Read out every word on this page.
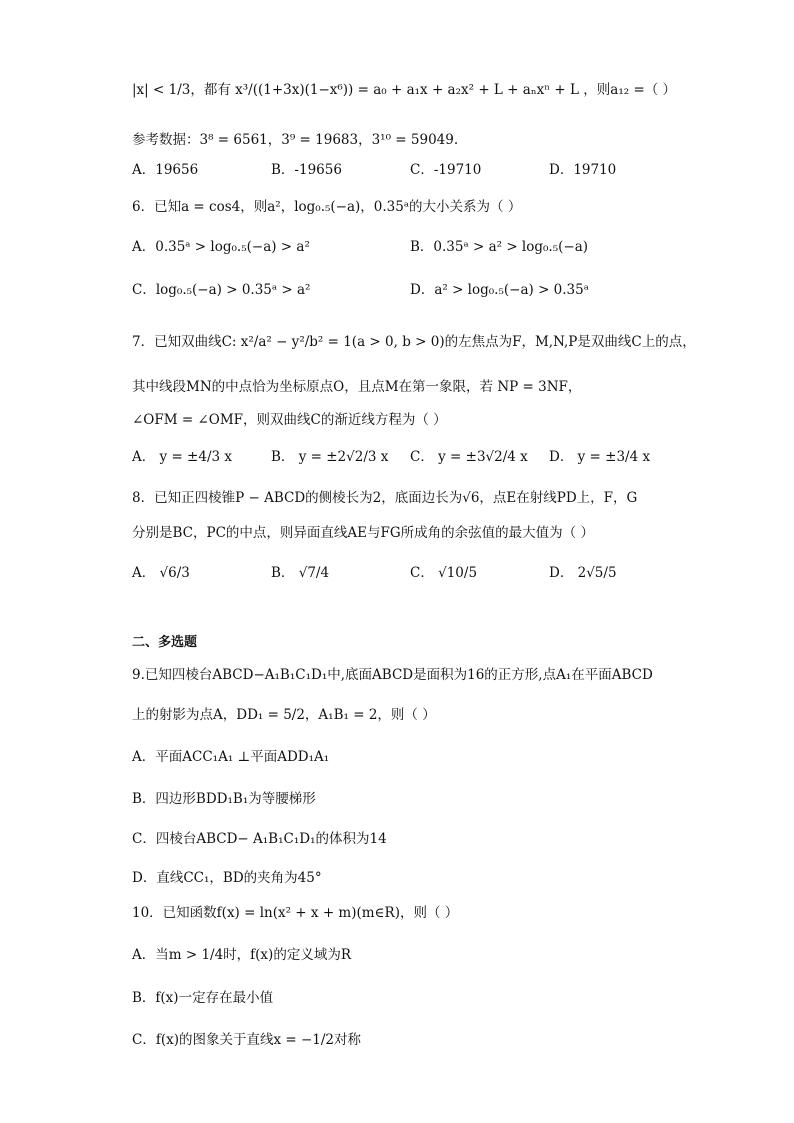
|x| < 1/3，都有 x³/((1+3x)(1−x⁶)) = a₀ + a₁x + a₂x² + L + aₙxⁿ + L ，则a₁₂ =（ ）
参考数据：3⁸ = 6561，3⁹ = 19683，3¹⁰ = 59049.
A．19656	B．-19656	C．-19710	D．19710
6．已知a = cos4，则a²，log₀.₅(−a)，0.35ᵃ的大小关系为（ ）
A．0.35ᵃ > log₀.₅(−a) > a²	B．0.35ᵃ > a² > log₀.₅(−a)
C．log₀.₅(−a) > 0.35ᵃ > a²	D．a² > log₀.₅(−a) > 0.35ᵃ
7．已知双曲线C: x²/a² − y²/b² = 1(a > 0, b > 0)的左焦点为F，M,N,P是双曲线C上的点，
其中线段MN的中点恰为坐标原点O，且点M在第一象限，若 NP = 3NF，
∠OFM = ∠OMF，则双曲线C的渐近线方程为（ ）
A． y = ±4/3 x	B． y = ±2√2/3 x C． y = ±3√2/4 x D． y = ±3/4 x
8．已知正四棱锥P − ABCD的侧棱长为2，底面边长为√6，点E在射线PD上，F，G
分别是BC，PC的中点，则异面直线AE与FG所成角的余弦值的最大值为（ ）
A． √6/3	B． √7/4	C． √10/5	D． 2√5/5
二、多选题
9.已知四棱台ABCD−A₁B₁C₁D₁中,底面ABCD是面积为16的正方形,点A₁在平面ABCD
上的射影为点A，DD₁ = 5/2，A₁B₁ = 2，则（ ）
A．平面ACC₁A₁ ⊥平面ADD₁A₁
B．四边形BDD₁B₁为等腰梯形
C．四棱台ABCD− A₁B₁C₁D₁的体积为14
D．直线CC₁，BD的夹角为45°
10．已知函数f(x) = ln(x² + x + m)(m∈R)，则（ ）
A．当m > 1/4时，f(x)的定义域为R
B．f(x)一定存在最小值
C．f(x)的图象关于直线x = −1/2对称
